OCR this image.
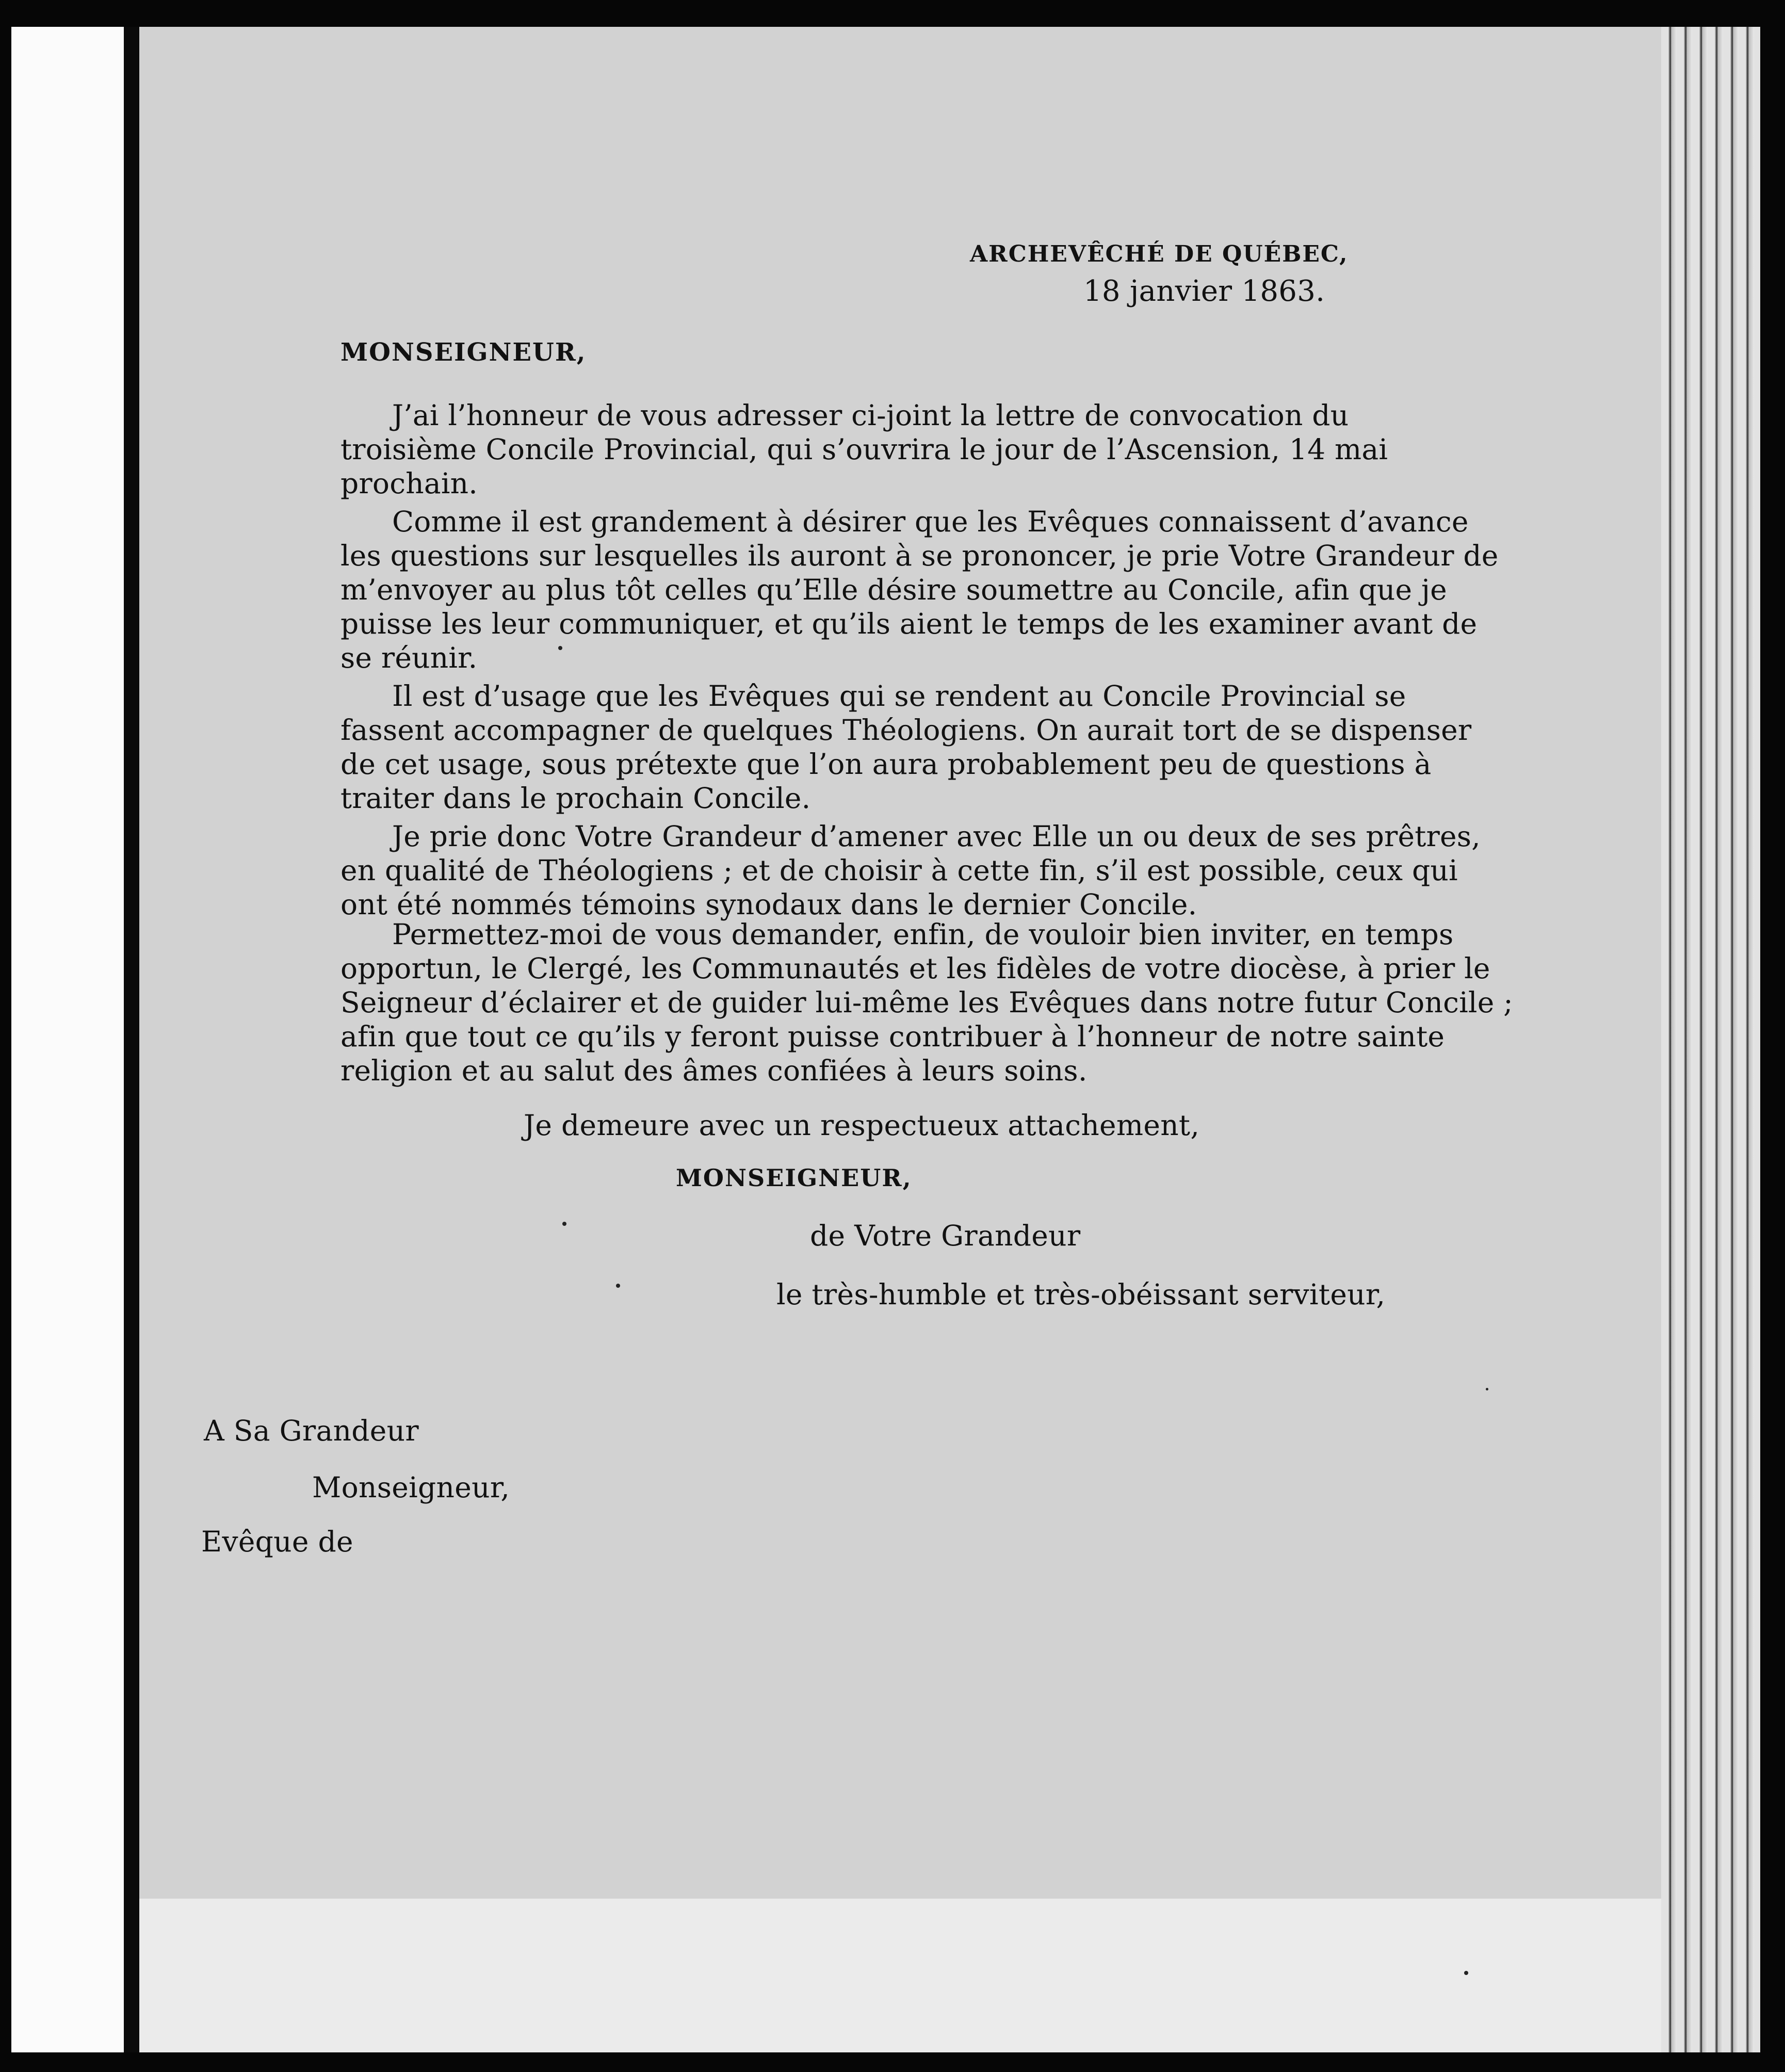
ARCHEVÊCHÉ DE QUÉBEC,
18 janvier 1863.
MONSEIGNEUR,
J’ai l’honneur de vous adresser ci-joint la lettre de convocation du
troisième Concile Provincial, qui s’ouvrira le jour de l’Ascension, 14 mai
prochain.
Comme il est grandement à désirer que les Evêques connaissent d’avance
les questions sur lesquelles ils auront à se prononcer, je prie Votre Grandeur de
m’envoyer au plus tôt celles qu’Elle désire soumettre au Concile, afin que je
puisse les leur communiquer, et qu’ils aient le temps de les examiner avant de
se réunir.
Il est d’usage que les Evêques qui se rendent au Concile Provincial se
fassent accompagner de quelques Théologiens. On aurait tort de se dispenser
de cet usage, sous prétexte que l’on aura probablement peu de questions à
traiter dans le prochain Concile.
Je prie donc Votre Grandeur d’amener avec Elle un ou deux de ses prêtres,
en qualité de Théologiens ; et de choisir à cette fin, s’il est possible, ceux qui
ont été nommés témoins synodaux dans le dernier Concile.
Permettez-moi de vous demander, enfin, de vouloir bien inviter, en temps
opportun, le Clergé, les Communautés et les fidèles de votre diocèse, à prier le
Seigneur d’éclairer et de guider lui-même les Evêques dans notre futur Concile ;
afin que tout ce qu’ils y feront puisse contribuer à l’honneur de notre sainte
religion et au salut des âmes confiées à leurs soins.
Je demeure avec un respectueux attachement,
MONSEIGNEUR,
de Votre Grandeur
le très-humble et très-obéissant serviteur,
A Sa Grandeur
Monseigneur,
Evêque de
